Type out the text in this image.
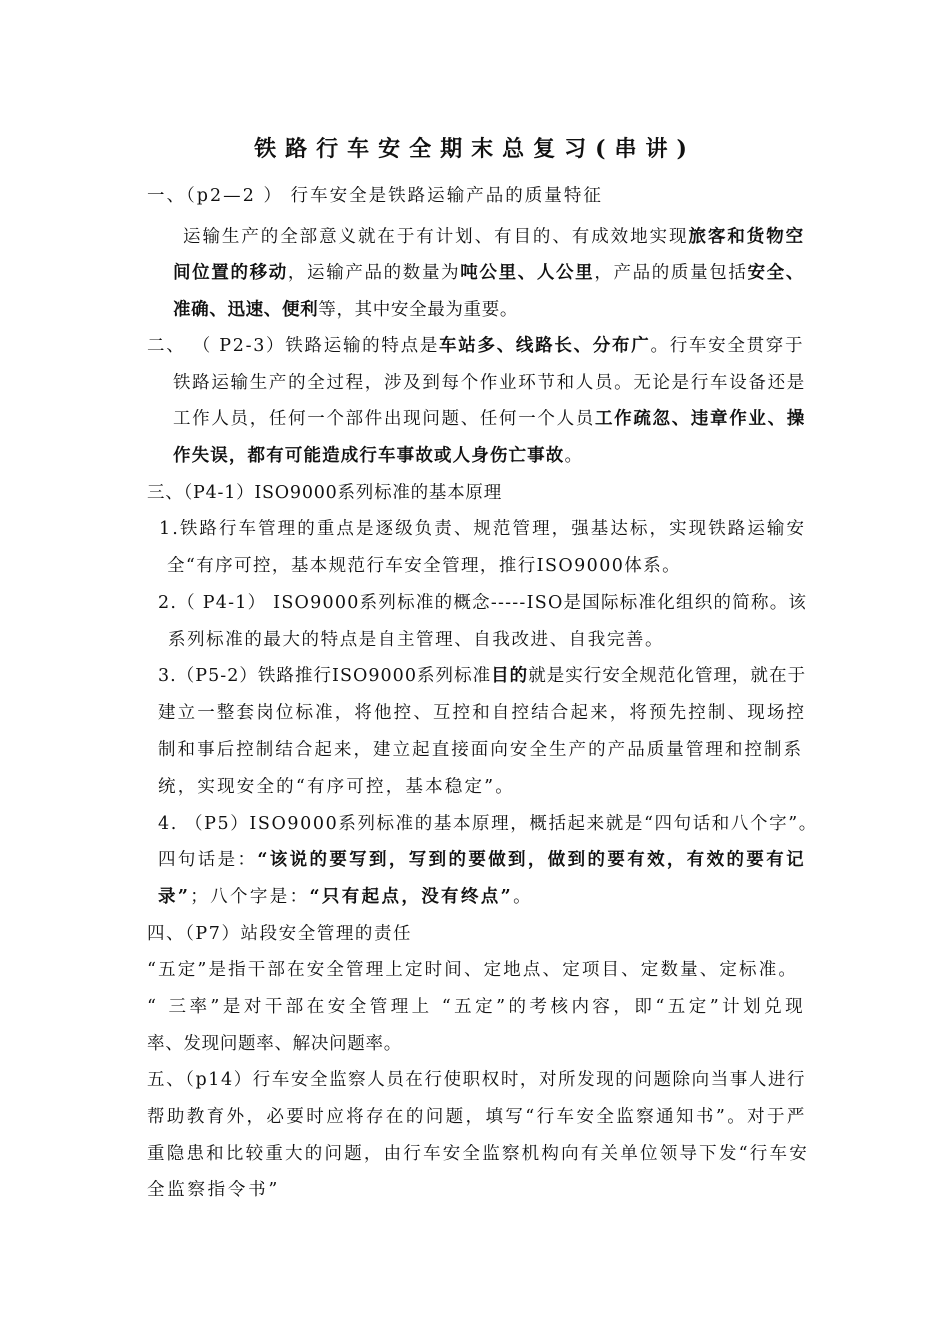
铁路行车安全期末总复习(串讲)
一、（p2—2 ） 行车安全是铁路运输产品的质量特征
运输生产的全部意义就在于有计划、有目的、有成效地实现旅客和货物空
间位置的移动，运输产品的数量为吨公里、人公里，产品的质量包括安全、
准确、迅速、便利等，其中安全最为重要。
二、 （ P2-3）铁路运输的特点是车站多、线路长、分布广。行车安全贯穿于
铁路运输生产的全过程，涉及到每个作业环节和人员。无论是行车设备还是
工作人员，任何一个部件出现问题、任何一个人员工作疏忽、违章作业、操
作失误，都有可能造成行车事故或人身伤亡事故。
三、（P4-1）ISO9000系列标准的基本原理
1.铁路行车管理的重点是逐级负责、规范管理，强基达标，实现铁路运输安
全“有序可控，基本规范行车安全管理，推行ISO9000体系。
2.（ P4-1） ISO9000系列标准的概念-----ISO是国际标准化组织的简称。该
系列标准的最大的特点是自主管理、自我改进、自我完善。
3.（P5-2）铁路推行ISO9000系列标准目的就是实行安全规范化管理，就在于
建立一整套岗位标准，将他控、互控和自控结合起来，将预先控制、现场控
制和事后控制结合起来，建立起直接面向安全生产的产品质量管理和控制系
统，实现安全的“有序可控，基本稳定”。
4. （P5）ISO9000系列标准的基本原理，概括起来就是“四句话和八个字”。
四句话是：“该说的要写到，写到的要做到，做到的要有效，有效的要有记
录”；八个字是：“只有起点，没有终点”。
四、（P7）站段安全管理的责任
“五定”是指干部在安全管理上定时间、定地点、定项目、定数量、定标准。
“ 三率”是对干部在安全管理上 “五定”的考核内容，即“五定”计划兑现
率、发现问题率、解决问题率。
五、（p14）行车安全监察人员在行使职权时，对所发现的问题除向当事人进行
帮助教育外，必要时应将存在的问题，填写“行车安全监察通知书”。对于严
重隐患和比较重大的问题，由行车安全监察机构向有关单位领导下发“行车安
全监察指令书”
